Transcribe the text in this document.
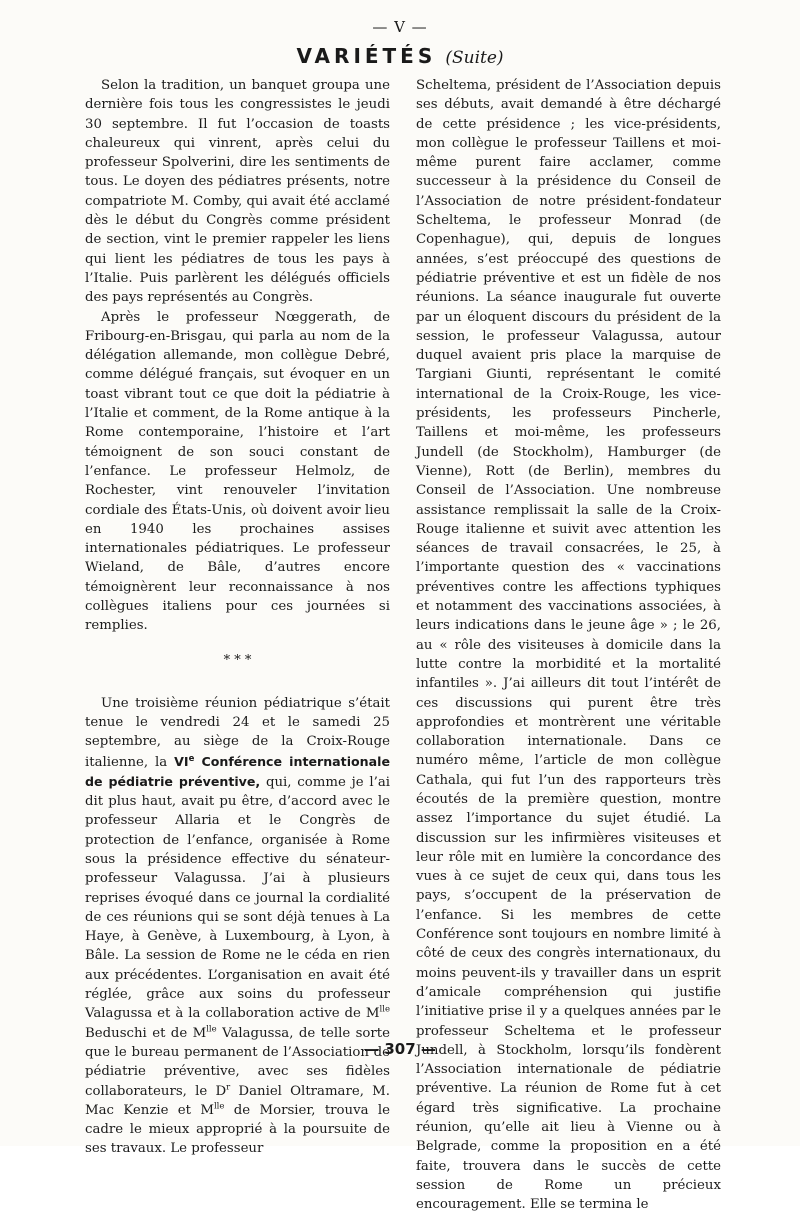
— V —
VARIÉTÉS (Suite)

Selon la tradition, un banquet groupa une dernière fois tous les congressistes le jeudi 30 septembre. Il fut l’occasion de toasts chaleureux qui vinrent, après celui du professeur Spolverini, dire les sentiments de tous. Le doyen des pédiatres présents, notre compatriote M. Comby, qui avait été acclamé dès le début du Congrès comme président de section, vint le premier rappeler les liens qui lient les pédiatres de tous les pays à l’Italie. Puis parlèrent les délégués officiels des pays représentés au Congrès.

Après le professeur Nœggerath, de Fribourg-en-Brisgau, qui parla au nom de la délégation allemande, mon collègue Debré, comme délégué français, sut évoquer en un toast vibrant tout ce que doit la pédiatrie à l’Italie et comment, de la Rome antique à la Rome contemporaine, l’histoire et l’art témoignent de son souci constant de l’enfance. Le professeur Helmolz, de Rochester, vint renouveler l’invitation cordiale des États-Unis, où doivent avoir lieu en 1940 les prochaines assises internationales pédiatriques. Le professeur Wieland, de Bâle, d’autres encore témoignèrent leur reconnaissance à nos collègues italiens pour ces journées si remplies.

* * *

Une troisième réunion pédiatrique s’était tenue le vendredi 24 et le samedi 25 septembre, au siège de la Croix-Rouge italienne, la VIe Conférence internationale de pédiatrie préventive, qui, comme je l’ai dit plus haut, avait pu être, d’accord avec le professeur Allaria et le Congrès de protection de l’enfance, organisée à Rome sous la présidence effective du sénateur-professeur Valagussa. J’ai à plusieurs reprises évoqué dans ce journal la cordialité de ces réunions qui se sont déjà tenues à La Haye, à Genève, à Luxembourg, à Lyon, à Bâle. La session de Rome ne le céda en rien aux précédentes. L’organisation en avait été réglée, grâce aux soins du professeur Valagussa et à la collaboration active de $M^{lle}$ Beduschi et de $M^{lle}$ Valagussa, de telle sorte que le bureau permanent de l’Association de pédiatrie préventive, avec ses fidèles collaborateurs, le $D^r$ Daniel Oltramare, M. Mac Kenzie et $M^{lle}$ de Morsier, trouva le cadre le mieux approprié à la poursuite de ses travaux. Le professeur

Scheltema, président de l’Association depuis ses débuts, avait demandé à être déchargé de cette présidence ; les vice-présidents, mon collègue le professeur Taillens et moi-même purent faire acclamer, comme successeur à la présidence du Conseil de l’Association de notre président-fondateur Scheltema, le professeur Monrad (de Copenhague), qui, depuis de longues années, s’est préoccupé des questions de pédiatrie préventive et est un fidèle de nos réunions. La séance inaugurale fut ouverte par un éloquent discours du président de la session, le professeur Valagussa, autour duquel avaient pris place la marquise de Targiani Giunti, représentant le comité international de la Croix-Rouge, les vice-présidents, les professeurs Pincherle, Taillens et moi-même, les professeurs Jundell (de Stockholm), Hamburger (de Vienne), Rott (de Berlin), membres du Conseil de l’Association. Une nombreuse assistance remplissait la salle de la Croix-Rouge italienne et suivit avec attention les séances de travail consacrées, le 25, à l’importante question des « vaccinations préventives contre les affections typhiques et notamment des vaccinations associées, à leurs indications dans le jeune âge » ; le 26, au « rôle des visiteuses à domicile dans la lutte contre la morbidité et la mortalité infantiles ». J’ai ailleurs dit tout l’intérêt de ces discussions qui purent être très approfondies et montrèrent une véritable collaboration internationale. Dans ce numéro même, l’article de mon collègue Cathala, qui fut l’un des rapporteurs très écoutés de la première question, montre assez l’importance du sujet étudié. La discussion sur les infirmières visiteuses et leur rôle mit en lumière la concordance des vues à ce sujet de ceux qui, dans tous les pays, s’occupent de la préservation de l’enfance. Si les membres de cette Conférence sont toujours en nombre limité à côté de ceux des congrès internationaux, du moins peuvent-ils y travailler dans un esprit d’amicale compréhension qui justifie l’initiative prise il y a quelques années par le professeur Scheltema et le professeur Jundell, à Stockholm, lorsqu’ils fondèrent l’Association internationale de pédiatrie préventive. La réunion de Rome fut à cet égard très significative. La prochaine réunion, qu’elle ait lieu à Vienne ou à Belgrade, comme la proposition en a été faite, trouvera dans le succès de cette session de Rome un précieux encouragement. Elle se termina le

— 307 —
